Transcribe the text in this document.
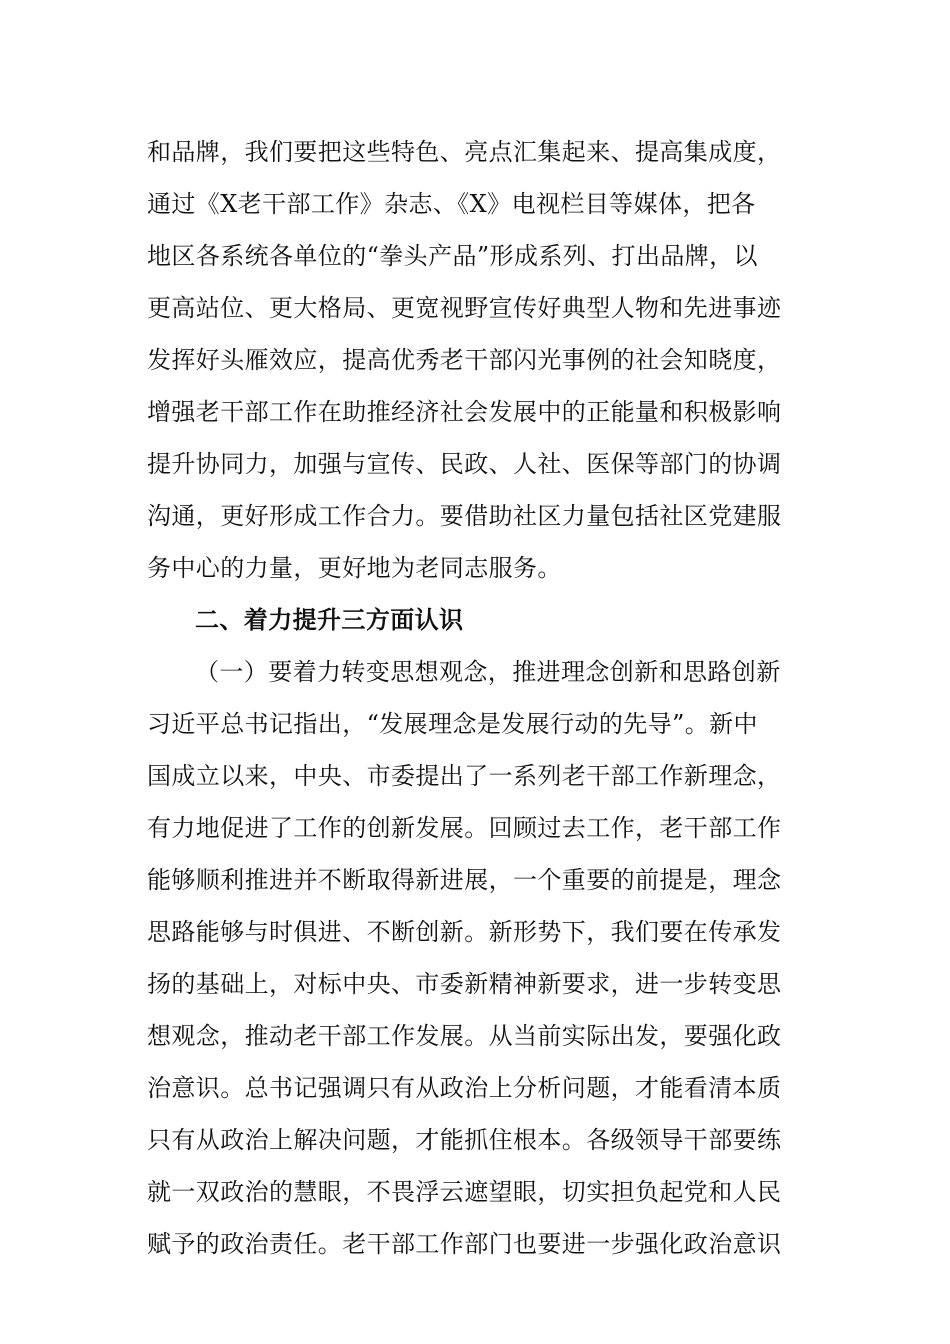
和品牌，我们要把这些特色、亮点汇集起来、提高集成度，
通过《X老干部工作》杂志、《X》电视栏目等媒体，把各
地区各系统各单位的“拳头产品”形成系列、打出品牌，以
更高站位、更大格局、更宽视野宣传好典型人物和先进事迹
发挥好头雁效应，提高优秀老干部闪光事例的社会知晓度，
增强老干部工作在助推经济社会发展中的正能量和积极影响
提升协同力，加强与宣传、民政、人社、医保等部门的协调
沟通，更好形成工作合力。要借助社区力量包括社区党建服
务中心的力量，更好地为老同志服务。
二、着力提升三方面认识
（一）要着力转变思想观念，推进理念创新和思路创新
习近平总书记指出，“发展理念是发展行动的先导”。新中
国成立以来，中央、市委提出了一系列老干部工作新理念，
有力地促进了工作的创新发展。回顾过去工作，老干部工作
能够顺利推进并不断取得新进展，一个重要的前提是，理念
思路能够与时俱进、不断创新。新形势下，我们要在传承发
扬的基础上，对标中央、市委新精神新要求，进一步转变思
想观念，推动老干部工作发展。从当前实际出发，要强化政
治意识。总书记强调只有从政治上分析问题，才能看清本质
只有从政治上解决问题，才能抓住根本。各级领导干部要练
就一双政治的慧眼，不畏浮云遮望眼，切实担负起党和人民
赋予的政治责任。老干部工作部门也要进一步强化政治意识
